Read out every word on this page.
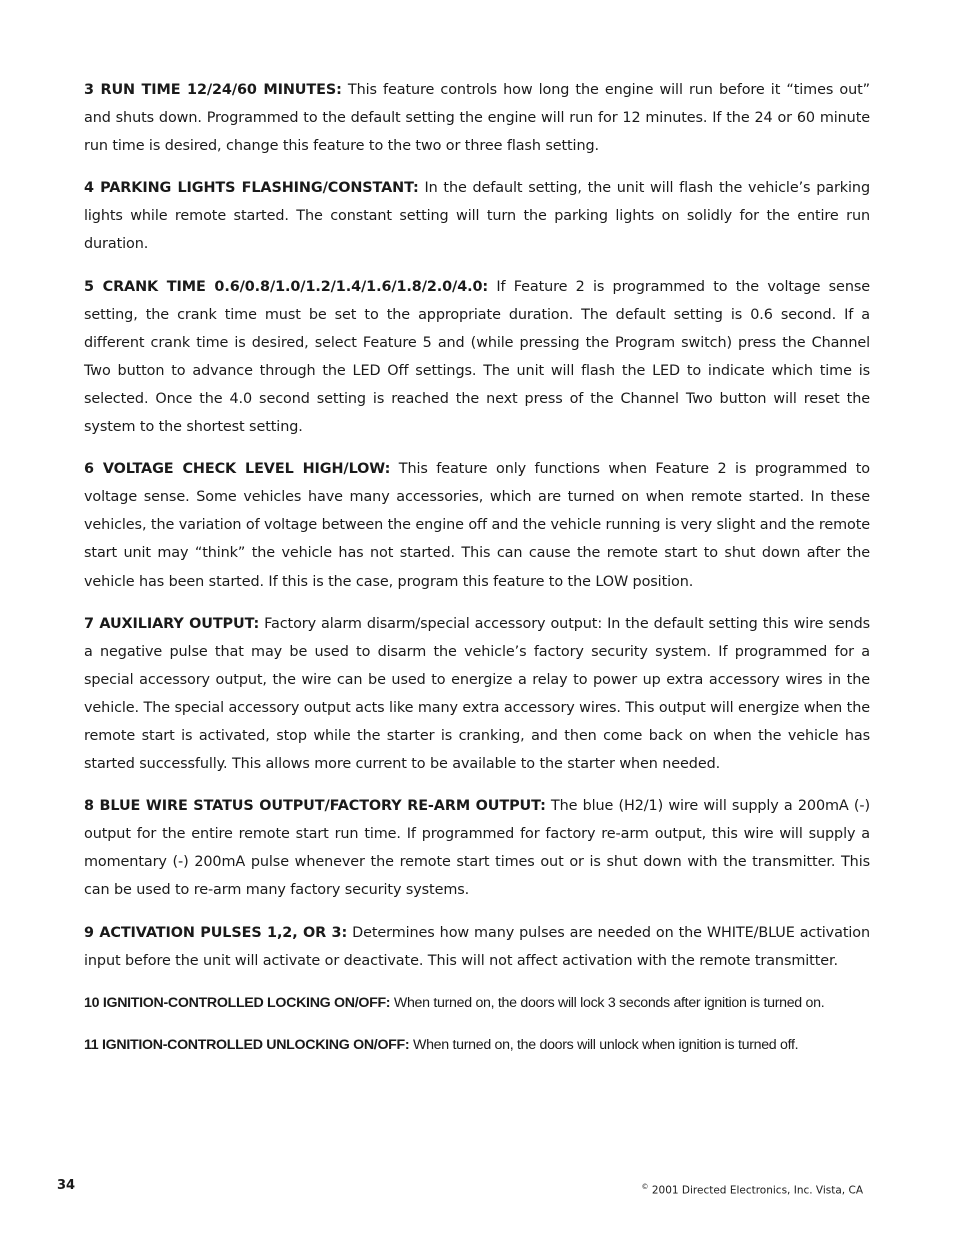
3 RUN TIME 12/24/60 MINUTES: This feature controls how long the engine will run before it “times out” and shuts down. Programmed to the default setting the engine will run for 12 minutes. If the 24 or 60 minute run time is desired, change this feature to the two or three flash setting.

4 PARKING LIGHTS FLASHING/CONSTANT: In the default setting, the unit will flash the vehicle’s parking lights while remote started. The constant setting will turn the parking lights on solidly for the entire run duration.

5 CRANK TIME 0.6/0.8/1.0/1.2/1.4/1.6/1.8/2.0/4.0: If Feature 2 is programmed to the voltage sense setting, the crank time must be set to the appropriate duration. The default setting is 0.6 second. If a different crank time is desired, select Feature 5 and (while pressing the Program switch) press the Channel Two button to advance through the LED Off settings. The unit will flash the LED to indicate which time is selected. Once the 4.0 second setting is reached the next press of the Channel Two button will reset the system to the shortest setting.

6 VOLTAGE CHECK LEVEL HIGH/LOW: This feature only functions when Feature 2 is programmed to voltage sense. Some vehicles have many accessories, which are turned on when remote started. In these vehicles, the variation of voltage between the engine off and the vehicle running is very slight and the remote start unit may “think” the vehicle has not started. This can cause the remote start to shut down after the vehicle has been started. If this is the case, program this feature to the LOW position.

7 AUXILIARY OUTPUT: Factory alarm disarm/special accessory output: In the default setting this wire sends a negative pulse that may be used to disarm the vehicle’s factory security system. If programmed for a special accessory output, the wire can be used to energize a relay to power up extra accessory wires in the vehicle. The special accessory output acts like many extra accessory wires. This output will energize when the remote start is activated, stop while the starter is cranking, and then come back on when the vehicle has started successfully. This allows more current to be available to the starter when needed.

8 BLUE WIRE STATUS OUTPUT/FACTORY RE-ARM OUTPUT: The blue (H2/1) wire will supply a 200mA (-) output for the entire remote start run time. If programmed for factory re-arm output, this wire will supply a momentary (-) 200mA pulse whenever the remote start times out or is shut down with the transmitter. This can be used to re-arm many factory security systems.

9 ACTIVATION PULSES 1,2, OR 3: Determines how many pulses are needed on the WHITE/BLUE activation input before the unit will activate or deactivate. This will not affect activation with the remote transmitter.

10 IGNITION-CONTROLLED LOCKING ON/OFF: When turned on, the doors will lock 3 seconds after ignition is turned on.

11 IGNITION-CONTROLLED UNLOCKING ON/OFF: When turned on, the doors will unlock when ignition is turned off.

34	© 2001 Directed Electronics, Inc. Vista, CA
